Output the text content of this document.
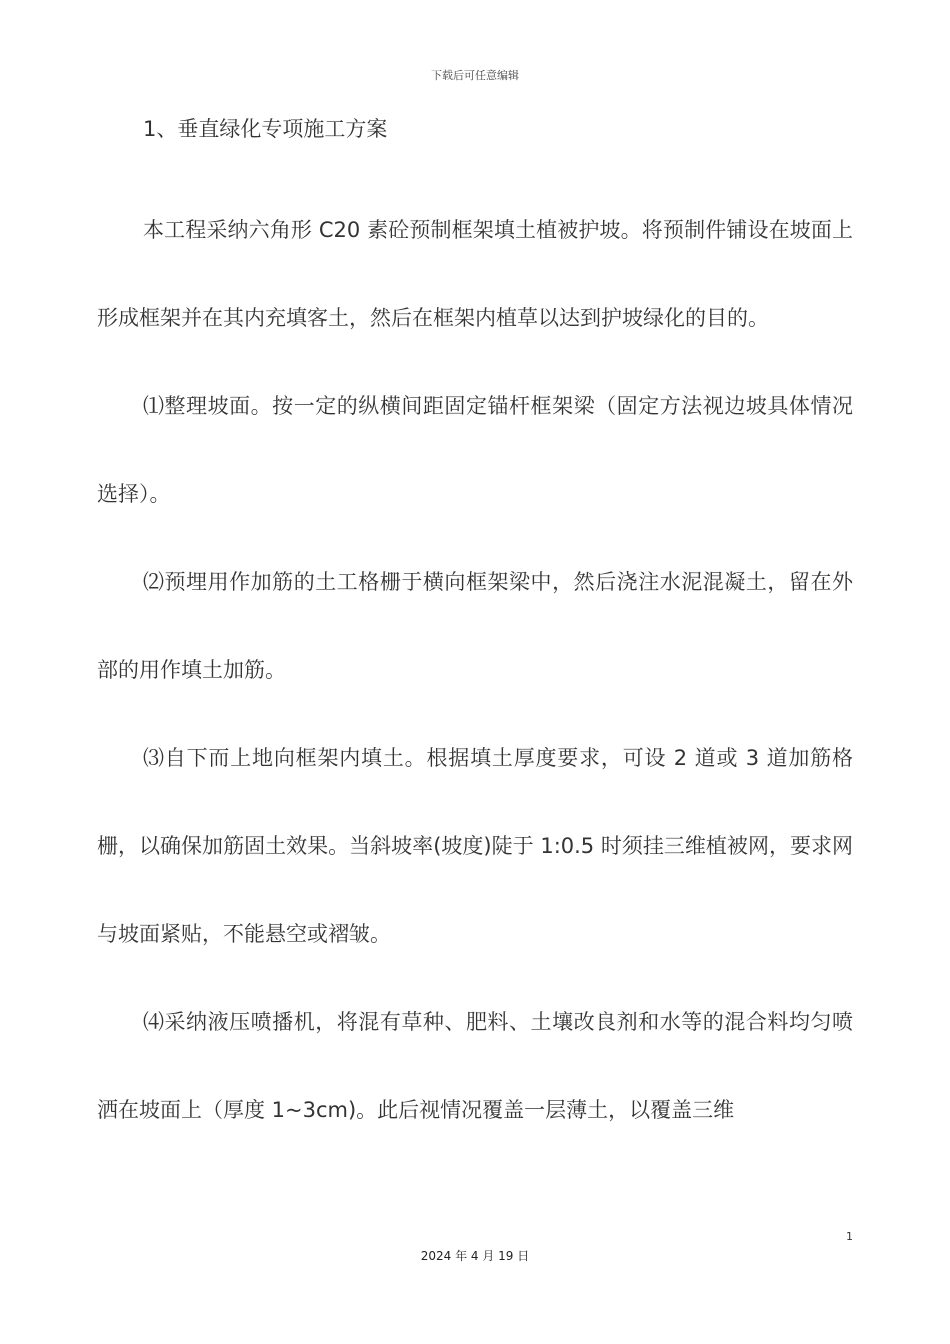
下载后可任意编辑
1、垂直绿化专项施工方案

本工程采纳六角形 C20 素砼预制框架填土植被护坡。将预制件铺设在坡面上形成框架并在其内充填客土，然后在框架内植草以达到护坡绿化的目的。

⑴整理坡面。按一定的纵横间距固定锚杆框架梁（固定方法视边坡具体情况选择）。

⑵预埋用作加筋的土工格栅于横向框架梁中，然后浇注水泥混凝土，留在外部的用作填土加筋。

⑶自下而上地向框架内填土。根据填土厚度要求，可设 2 道或 3 道加筋格栅，以确保加筋固土效果。当斜坡率(坡度)陡于 1:0.5 时须挂三维植被网，要求网与坡面紧贴，不能悬空或褶皱。

⑷采纳液压喷播机，将混有草种、肥料、土壤改良剂和水等的混合料均匀喷洒在坡面上（厚度 1~3cm)。此后视情况覆盖一层薄土，以覆盖三维

1
2024 年 4 月 19 日
